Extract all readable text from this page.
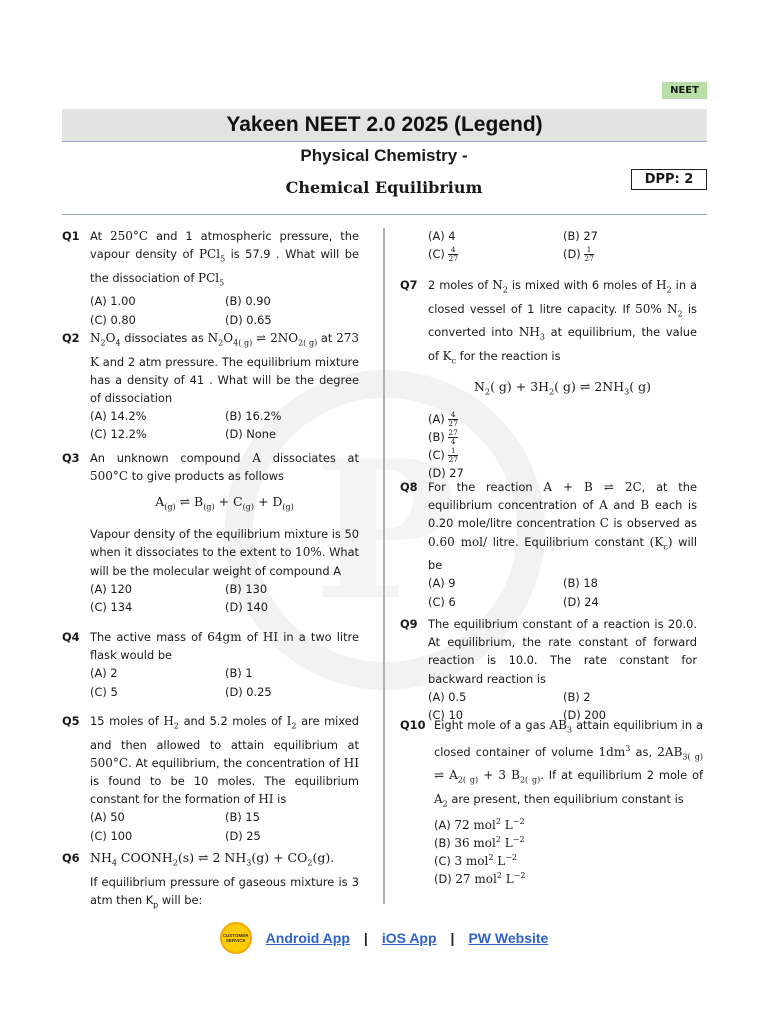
NEET
Yakeen NEET 2.0 2025 (Legend)
Physical Chemistry -
Chemical Equilibrium	DPP: 2
Q1 At 250°C and 1 atmospheric pressure, the vapour density of PCl$_5$ is 57.9 . What will be the dissociation of PCl$_5$
(A) 1.00	(B) 0.90
(C) 0.80	(D) 0.65
Q2 $N_2O_4$ dissociates as $N_2O_{4( g)}$ ⇌ $2NO_{2( g)}$ at 273 K and 2 atm pressure. The equilibrium mixture has a density of 41 . What will be the degree of dissociation
(A) 14.2%	(B) 16.2%
(C) 12.2%	(D) None
Q3 An unknown compound A dissociates at 500°C to give products as follows
$A_{(g)}$ ⇌ $B_{(g)} + C_{(g)} + D_{(g)}$
Vapour density of the equilibrium mixture is 50 when it dissociates to the extent to 10%. What will be the molecular weight of compound A
(A) 120	(B) 130
(C) 134	(D) 140
Q4 The active mass of 64gm of HI in a two litre flask would be
(A) 2	(B) 1
(C) 5	(D) 0.25
Q5 15 moles of $H_2$ and 5.2 moles of $I_2$ are mixed and then allowed to attain equilibrium at 500°C. At equilibrium, the concentration of HI is found to be 10 moles. The equilibrium constant for the formation of HI is
(A) 50	(B) 15
(C) 100	(D) 25
Q6 $NH_4$ $COONH_2(s)$ ⇌ 2 $NH_3(g) + CO_2(g)$.
If equilibrium pressure of gaseous mixture is 3 atm then $K_p$ will be:
(A) 4	(B) 27
$(C) \frac{4}{27}$	$(D) \frac{1}{27}$
Q7 2 moles of $N_2$ is mixed with 6 moles of $H_2$ in a closed vessel of 1 litre capacity. If 50% $N_2$ is converted into $NH_3$ at equilibrium, the value of $K_c$ for the reaction is
$N_2$( $g) + 3H_2$( g) ⇌ $2NH_3$( g)
$(A) \frac{4}{27}$
$(B) \frac{27}{4}$
$(C) \frac{1}{27}$
(D) 27
Q8 For the reaction A + B ⇌ 2C, at the equilibrium concentration of A and B each is 0.20 mole/litre concentration C is observed as 0.60 mol/ litre. Equilibrium constant $(K_c)$ will be
(A) 9	(B) 18
(C) 6	(D) 24
Q9 The equilibrium constant of a reaction is 20.0. At equilibrium, the rate constant of forward reaction is 10.0. The rate constant for backward reaction is
(A) 0.5	(B) 2
(C) 10	(D) 200
Q10 Eight mole of a gas $AB_3$ attain equilibrium in a closed container of volume $1dm^3$ as, $2AB_{3( g)}$ ⇌ $A_{2( g)} + 3$ $B_{2( g)}$. If at equilibrium 2 mole of $A_2$ are present, then equilibrium constant is
(A) 72 mol$^2$ $L^{-2}$
(B) 36 mol$^2$ $L^{-2}$
(C) 3 mol$^2$ $L^{-2}$
(D) 27 mol$^2$ $L^{-2}$
CUSTOMER SERVICE Android App | iOS App | PW Website
